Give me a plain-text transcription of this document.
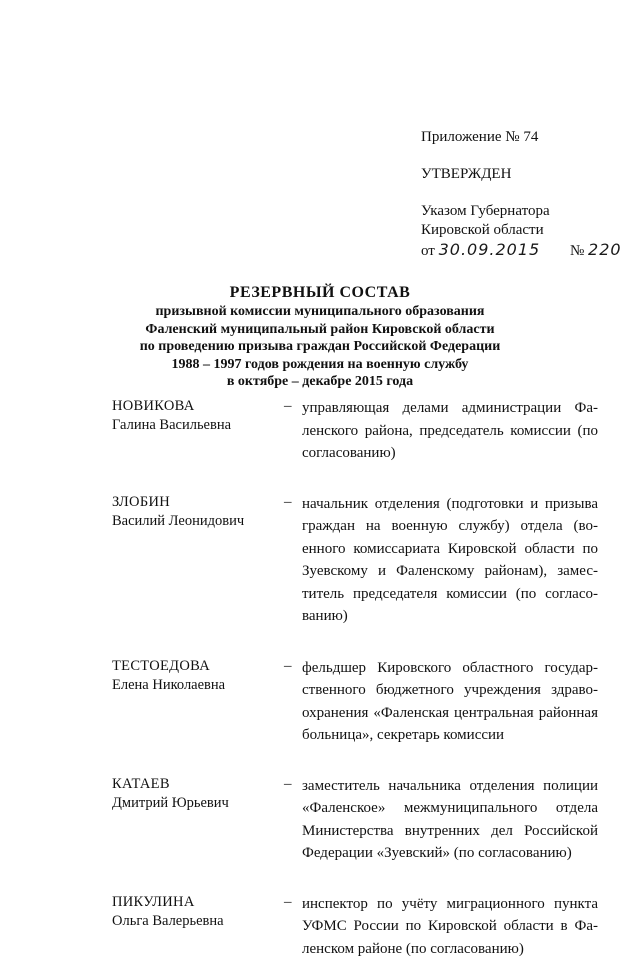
Приложение № 74

УТВЕРЖДЕН

Указом Губернатора

Кировской области

от 30.09.2015 № 220

РЕЗЕРВНЫЙ СОСТАВ

призывной комиссии муниципального образования

Фаленский муниципальный район Кировской области

по проведению призыва граждан Российской Федерации

1988 – 1997 годов рождения на военную службу

в октябре – декабре 2015 года

НОВИКОВА
Галина Васильевна
– управляющая делами администрации Фаленского района, председатель комиссии (по согласованию)
ЗЛОБИН
Василий Леонидович
– начальник отделения (подготовки и призыва граждан на военную службу) отдела (военного комиссариата Кировской области по Зуевскому и Фаленскому районам), заместитель председателя комиссии (по согласованию)
ТЕСТОЕДОВА
Елена Николаевна
– фельдшер Кировского областного государственного бюджетного учреждения здравоохранения «Фаленская центральная районная больница», секретарь комиссии
КАТАЕВ
Дмитрий Юрьевич
– заместитель начальника отделения полиции «Фаленское» межмуниципального отдела Министерства внутренних дел Российской Федерации «Зуевский» (по согласованию)
ПИКУЛИНА
Ольга Валерьевна
– инспектор по учёту миграционного пункта УФМС России по Кировской области в Фаленском районе (по согласованию)
